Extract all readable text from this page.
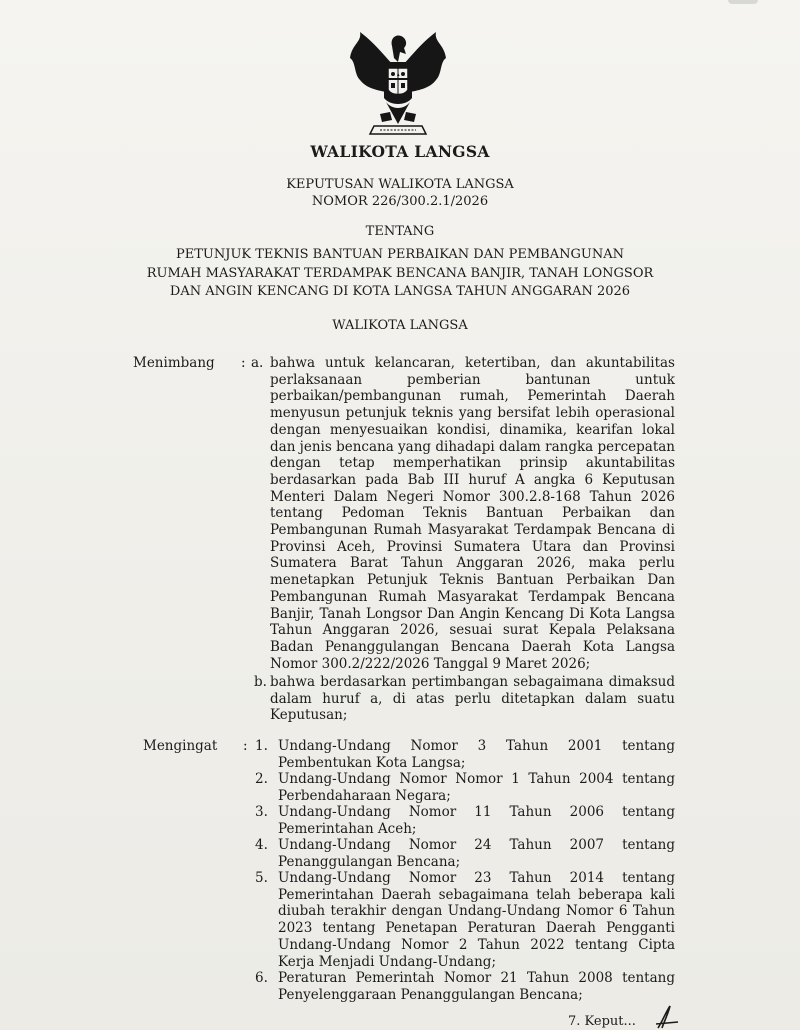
WALIKOTA LANGSA
KEPUTUSAN WALIKOTA LANGSA
NOMOR 226/300.2.1/2026
TENTANG
PETUNJUK TEKNIS BANTUAN PERBAIKAN DAN PEMBANGUNAN
RUMAH MASYARAKAT TERDAMPAK BENCANA BANJIR, TANAH LONGSOR
DAN ANGIN KENCANG DI KOTA LANGSA TAHUN ANGGARAN 2026
WALIKOTA LANGSA
Menimbang : a. bahwa untuk kelancaran, ketertiban, dan akuntabilitas perlaksanaan pemberian bantunan untuk perbaikan/pembangunan rumah, Pemerintah Daerah menyusun petunjuk teknis yang bersifat lebih operasional dengan menyesuaikan kondisi, dinamika, kearifan lokal dan jenis bencana yang dihadapi dalam rangka percepatan dengan tetap memperhatikan prinsip akuntabilitas berdasarkan pada Bab III huruf A angka 6 Keputusan Menteri Dalam Negeri Nomor 300.2.8-168 Tahun 2026 tentang Pedoman Teknis Bantuan Perbaikan dan Pembangunan Rumah Masyarakat Terdampak Bencana di Provinsi Aceh, Provinsi Sumatera Utara dan Provinsi Sumatera Barat Tahun Anggaran 2026, maka perlu menetapkan Petunjuk Teknis Bantuan Perbaikan Dan Pembangunan Rumah Masyarakat Terdampak Bencana Banjir, Tanah Longsor Dan Angin Kencang Di Kota Langsa Tahun Anggaran 2026, sesuai surat Kepala Pelaksana Badan Penanggulangan Bencana Daerah Kota Langsa Nomor 300.2/222/2026 Tanggal 9 Maret 2026;
b. bahwa berdasarkan pertimbangan sebagaimana dimaksud dalam huruf a, di atas perlu ditetapkan dalam suatu Keputusan;
Mengingat : 1. Undang-Undang Nomor 3 Tahun 2001 tentang
Pembentukan Kota Langsa;
2. Undang-Undang Nomor Nomor 1 Tahun 2004 tentang
Perbendaharaan Negara;
3. Undang-Undang Nomor 11 Tahun 2006 tentang
Pemerintahan Aceh;
4. Undang-Undang Nomor 24 Tahun 2007 tentang
Penanggulangan Bencana;
5. Undang-Undang Nomor 23 Tahun 2014 tentang
Pemerintahan Daerah sebagaimana telah beberapa kali diubah terakhir dengan Undang-Undang Nomor 6 Tahun 2023 tentang Penetapan Peraturan Daerah Pengganti Undang-Undang Nomor 2 Tahun 2022 tentang Cipta Kerja Menjadi Undang-Undang;
6. Peraturan Pemerintah Nomor 21 Tahun 2008 tentang
Penyelenggaraan Penanggulangan Bencana;
7. Keput...
